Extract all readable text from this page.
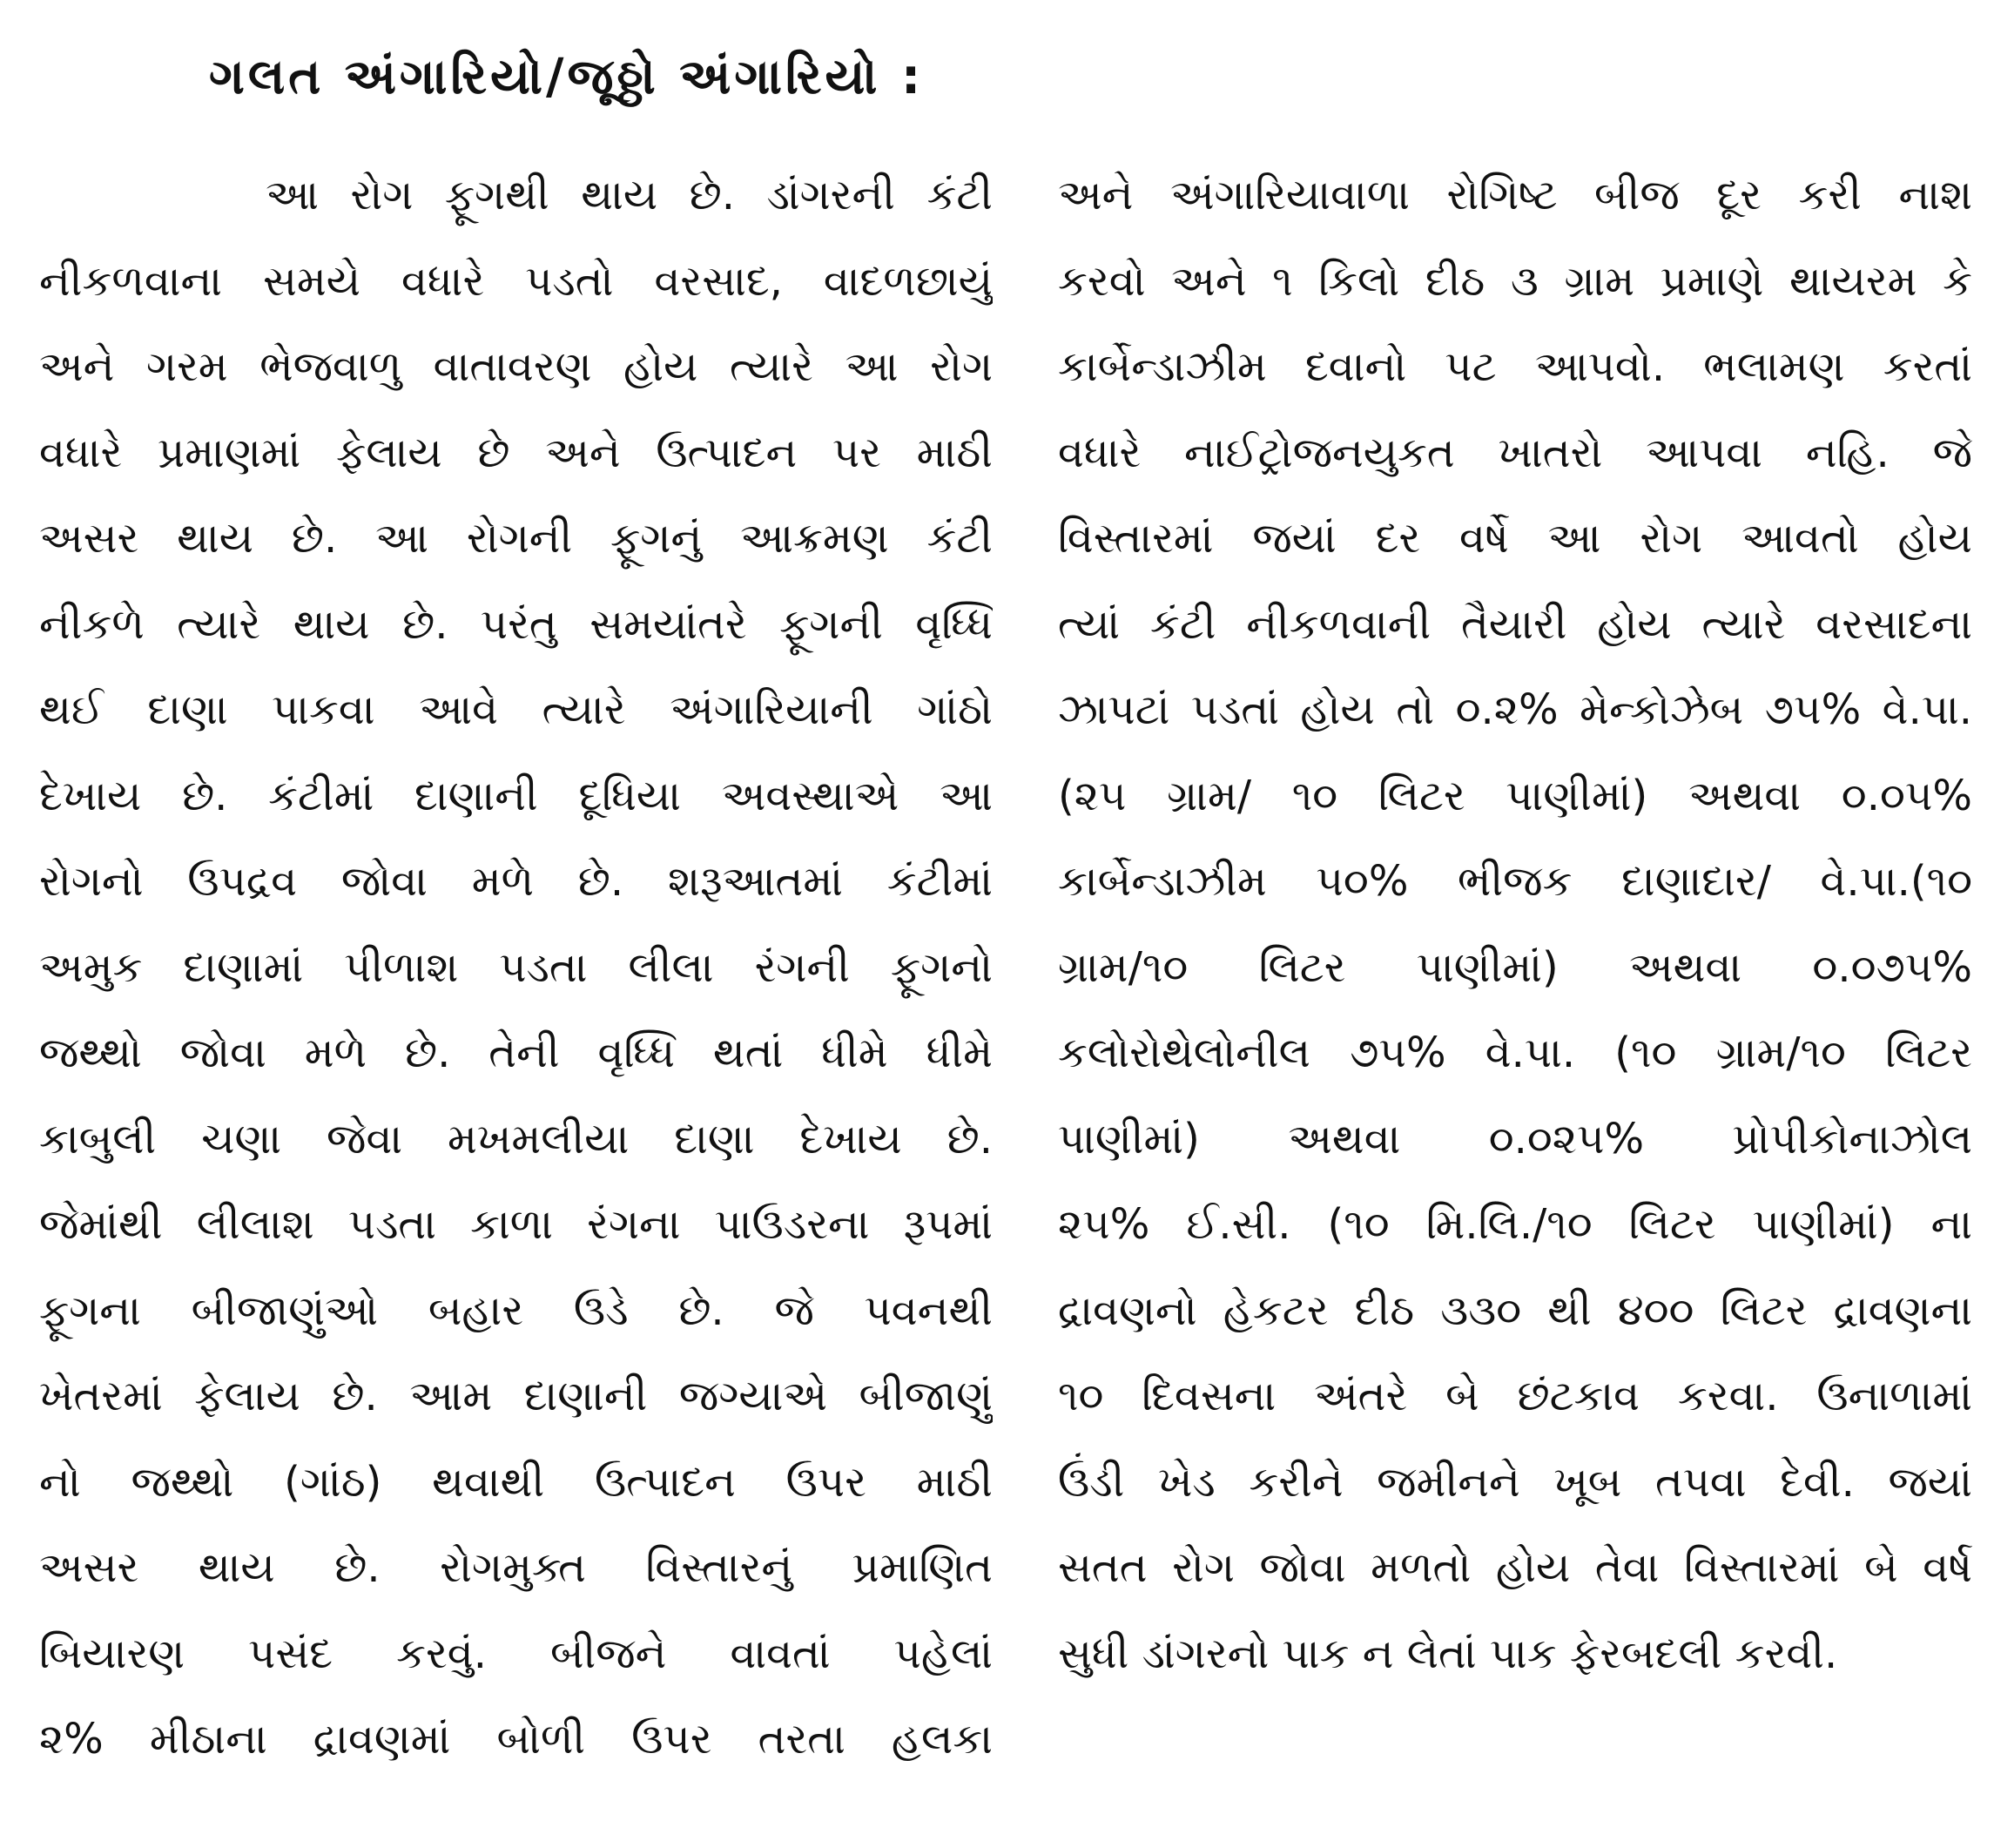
ગલત અંગારિયો/જૂઠ્ઠો અંગારિયો :
આ રોગ ફૂગથી થાય છે. ડાંગરની કંટી
નીકળવાના સમયે વધારે પડતો વરસાદ, વાદળછાયું
અને ગરમ ભેજવાળુ વાતાવરણ હોય ત્યારે આ રોગ
વધારે પ્રમાણમાં ફેલાય છે અને ઉત્પાદન પર માઠી
અસર થાય છે. આ રોગની ફૂગનું આક્રમણ કંટી
નીકળે ત્યારે થાય છે. પરંતુ સમયાંતરે ફૂગની વૃધ્ધિ
થઈ દાણા પાકવા આવે ત્યારે અંગારિયાની ગાંઠો
દેખાય છે. કંટીમાં દાણાની દૂધિયા અવસ્થાએ આ
રોગનો ઉપદ્રવ જોવા મળે છે. શરૂઆતમાં કંટીમાં
અમુક દાણામાં પીળાશ પડતા લીલા રંગની ફૂગનો
જથ્થો જોવા મળે છે. તેની વૃધ્ધિ થતાં ધીમે ધીમે
કાબુલી ચણા જેવા મખમલીયા દાણા દેખાય છે.
જેમાંથી લીલાશ પડતા કાળા રંગના પાઉડરના રૂપમાં
ફૂગના બીજાણુંઓ બહાર ઉડે છે. જે પવનથી
ખેતરમાં ફેલાય છે. આમ દાણાની જગ્યાએ બીજાણું
નો જથ્થો (ગાંઠ) થવાથી ઉત્પાદન ઉપર માઠી
અસર થાય છે. રોગમુક્ત વિસ્તારનું પ્રમાણિત
બિયારણ પસંદ કરવું. બીજને વાવતાં પહેલાં
૨% મીઠાના દ્રાવણમાં બોળી ઉપર તરતા હલકા
અને અંગારિયાવાળા રોગિષ્ટ બીજ દૂર કરી નાશ
કરવો અને ૧ કિલો દીઠ ૩ ગ્રામ પ્રમાણે થાયરમ કે
કાર્બેન્ડાઝીમ દવાનો પટ આપવો. ભલામણ કરતાં
વધારે નાઈટ્રોજનયુકત ખાતરો આપવા નહિ. જે
વિસ્તારમાં જયાં દર વર્ષે આ રોગ આવતો હોય
ત્યાં કંટી નીકળવાની તૈયારી હોય ત્યારે વરસાદના
ઝાપટાં પડતાં હોય તો ૦.૨% મેન્કોઝેબ ૭૫% વે.પા.
(૨૫ ગ્રામ/ ૧૦ લિટર પાણીમાં) અથવા ૦.૦૫%
કાર્બેન્ડાઝીમ ૫૦% ભીજક દાણાદાર/ વે.પા.(૧૦
ગ્રામ/૧૦ લિટર પાણીમાં) અથવા ૦.૦૭૫%
કલોરોથેલોનીલ ૭૫% વે.પા. (૧૦ ગ્રામ/૧૦ લિટર
પાણીમાં) અથવા ૦.૦૨૫% પ્રોપીકોનાઝોલ
૨૫% ઈ.સી. (૧૦ મિ.લિ./૧૦ લિટર પાણીમાં) ના
દ્રાવણનો હેકટર દીઠ ૩૩૦ થી ૪૦૦ લિટર દ્રાવણના
૧૦ દિવસના અંતરે બે છંટકાવ કરવા. ઉનાળામાં
ઉંડી ખેડ કરીને જમીનને ખૂબ તપવા દેવી. જયાં
સતત રોગ જોવા મળતો હોય તેવા વિસ્તારમાં બે વર્ષ
સુધી ડાંગરનો પાક ન લેતાં પાક ફેરબદલી કરવી.
